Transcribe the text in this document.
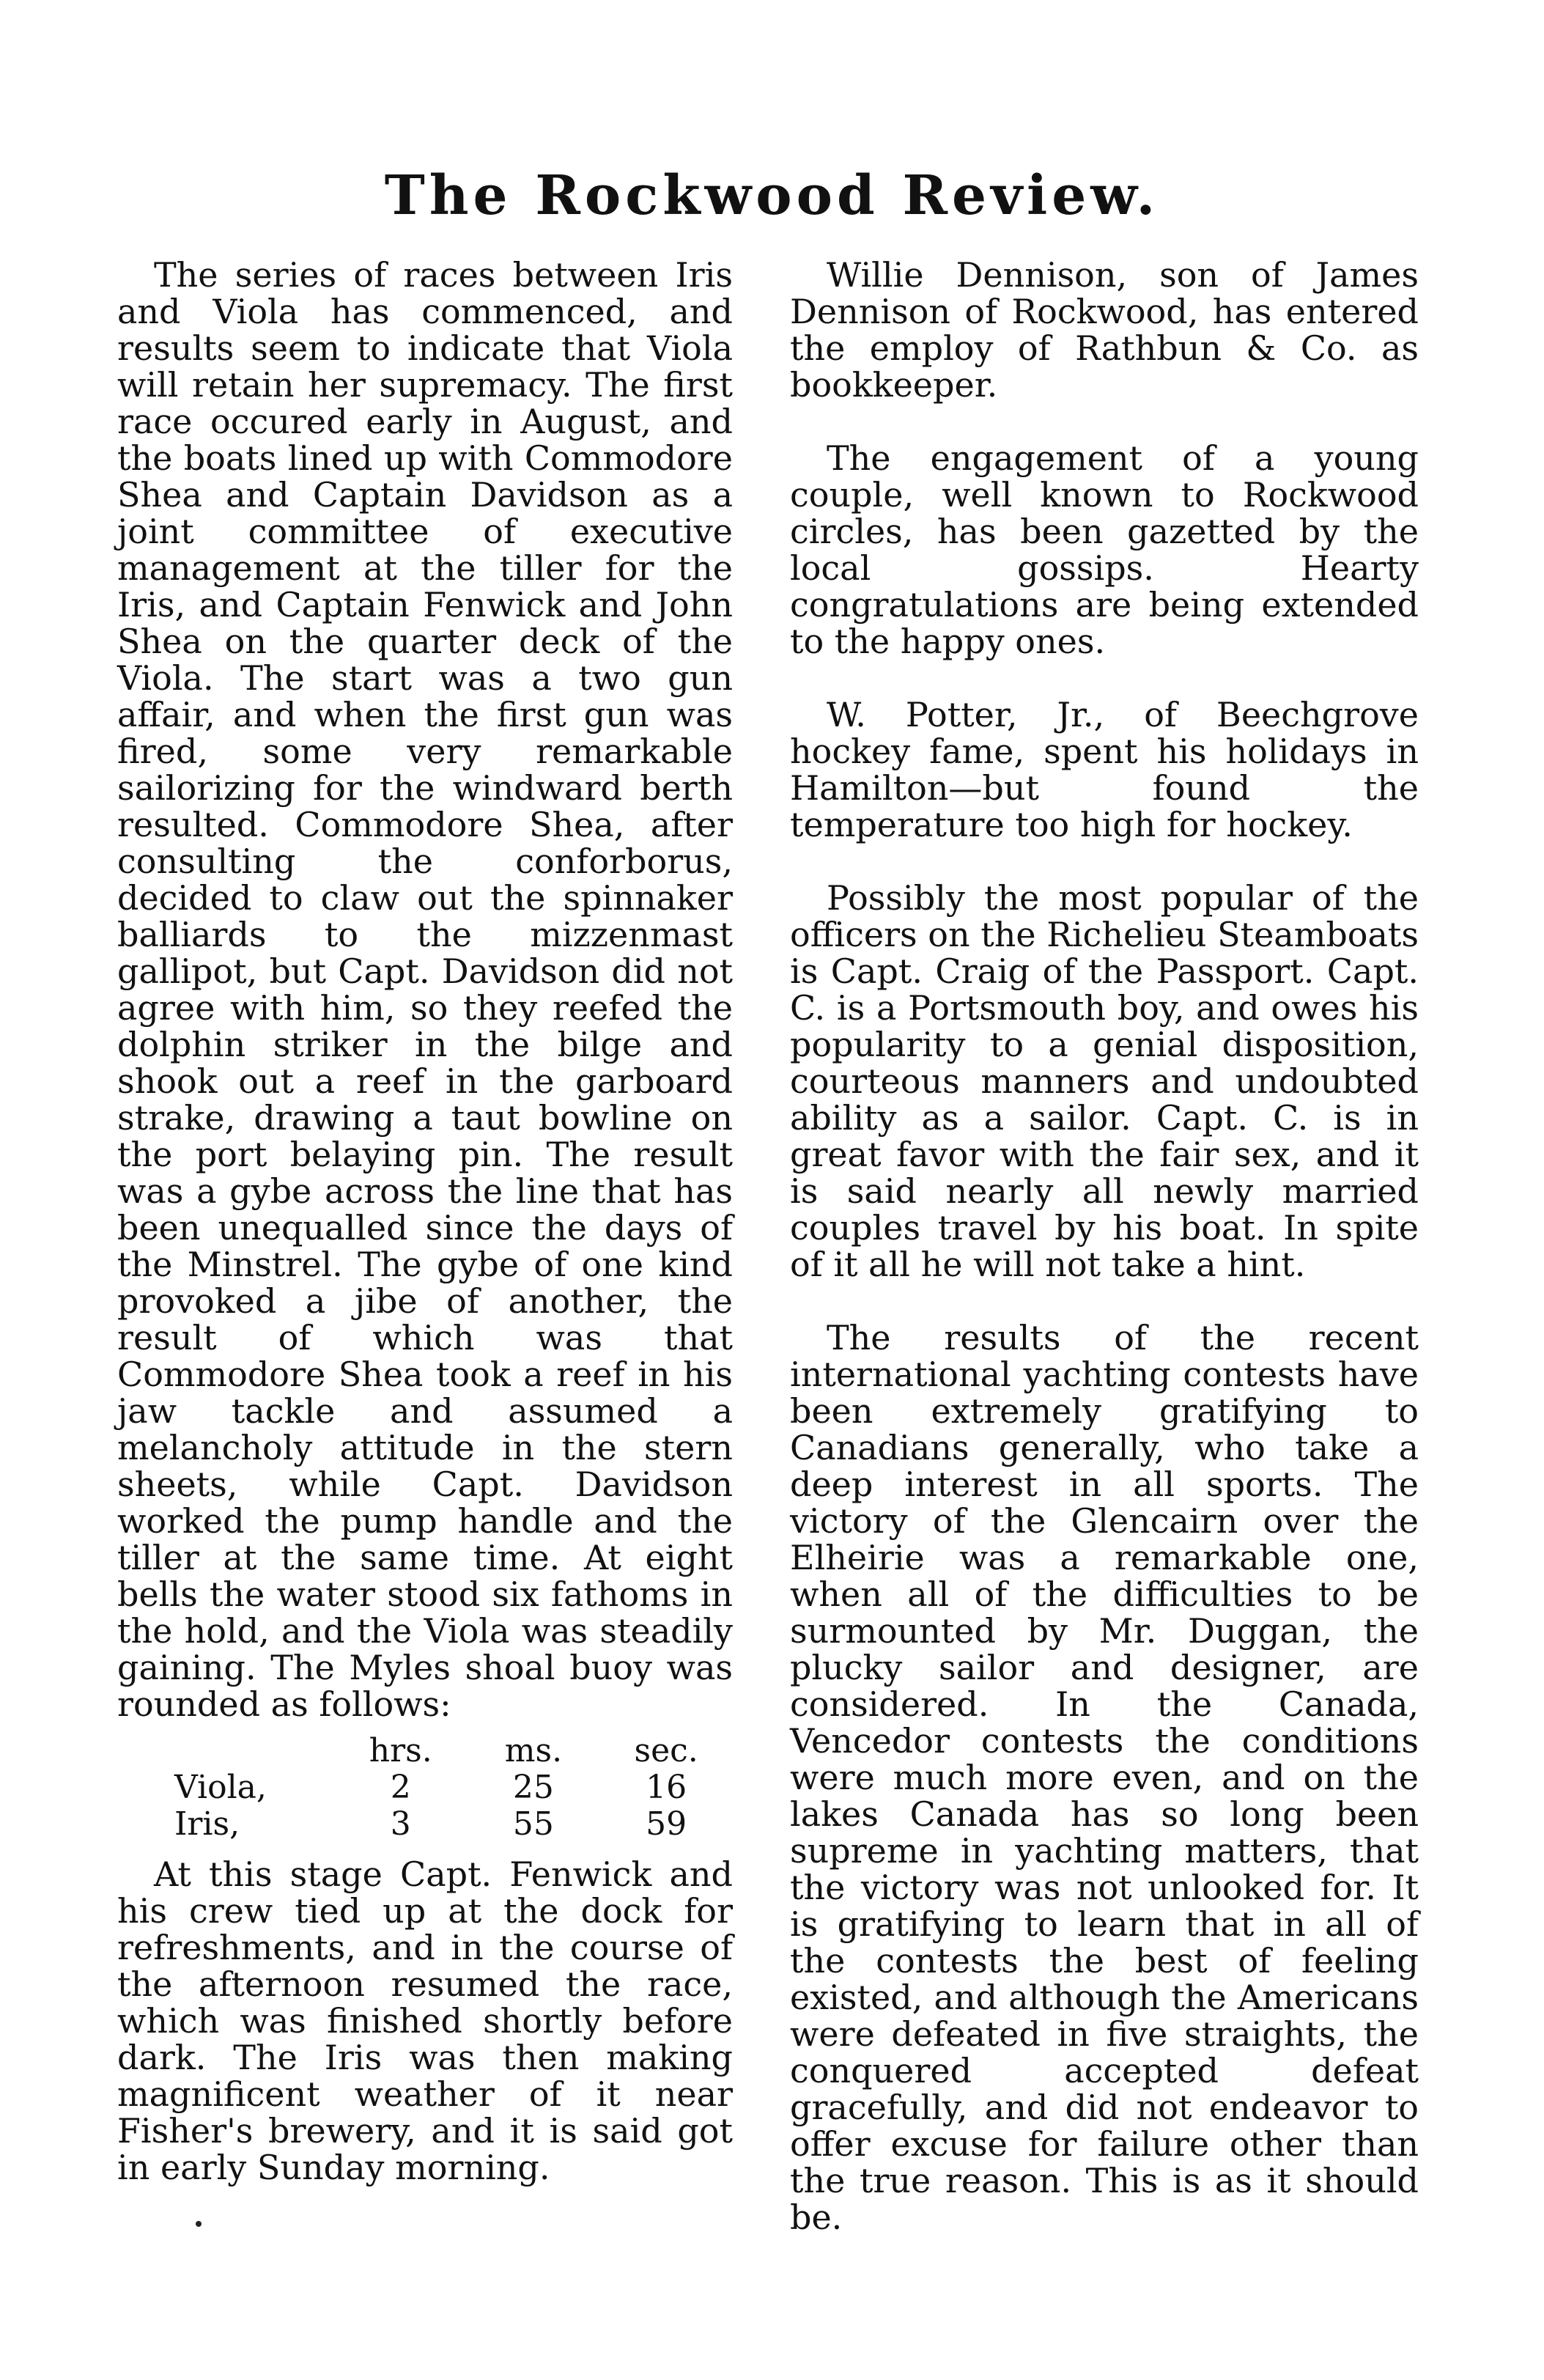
The Rockwood Review.

The series of races between Iris and Viola has commenced, and results seem to indicate that Viola will retain her supremacy. The first race occured early in August, and the boats lined up with Commodore Shea and Captain Davidson as a joint committee of executive management at the tiller for the Iris, and Captain Fenwick and John Shea on the quarter deck of the Viola. The start was a two gun affair, and when the first gun was fired, some very remarkable sailorizing for the windward berth resulted. Commodore Shea, after consulting the conforborus, decided to claw out the spinnaker balliards to the mizzenmast gallipot, but Capt. Davidson did not agree with him, so they reefed the dolphin striker in the bilge and shook out a reef in the garboard strake, drawing a taut bowline on the port belaying pin. The result was a gybe across the line that has been unequalled since the days of the Minstrel. The gybe of one kind provoked a jibe of another, the result of which was that Commodore Shea took a reef in his jaw tackle and assumed a melancholy attitude in the stern sheets, while Capt. Davidson worked the pump handle and the tiller at the same time. At eight bells the water stood six fathoms in the hold, and the Viola was steadily gaining. The Myles shoal buoy was rounded as follows:

	hrs.	ms.	sec.
Viola,	2	25	16
Iris,	3	55	59

At this stage Capt. Fenwick and his crew tied up at the dock for refreshments, and in the course of the afternoon resumed the race, which was finished shortly before dark. The Iris was then making magnificent weather of it near Fisher's brewery, and it is said got in early Sunday morning.

Willie Dennison, son of James Dennison of Rockwood, has entered the employ of Rathbun & Co. as bookkeeper.

The engagement of a young couple, well known to Rockwood circles, has been gazetted by the local gossips. Hearty congratulations are being extended to the happy ones.

W. Potter, Jr., of Beechgrove hockey fame, spent his holidays in Hamilton—but found the temperature too high for hockey.

Possibly the most popular of the officers on the Richelieu Steamboats is Capt. Craig of the Passport. Capt. C. is a Portsmouth boy, and owes his popularity to a genial disposition, courteous manners and undoubted ability as a sailor. Capt. C. is in great favor with the fair sex, and it is said nearly all newly married couples travel by his boat. In spite of it all he will not take a hint.

The results of the recent international yachting contests have been extremely gratifying to Canadians generally, who take a deep interest in all sports. The victory of the Glencairn over the Elheirie was a remarkable one, when all of the difficulties to be surmounted by Mr. Duggan, the plucky sailor and designer, are considered. In the Canada, Vencedor contests the conditions were much more even, and on the lakes Canada has so long been supreme in yachting matters, that the victory was not unlooked for. It is gratifying to learn that in all of the contests the best of feeling existed, and although the Americans were defeated in five straights, the conquered accepted defeat gracefully, and did not endeavor to offer excuse for failure other than the true reason. This is as it should be.
